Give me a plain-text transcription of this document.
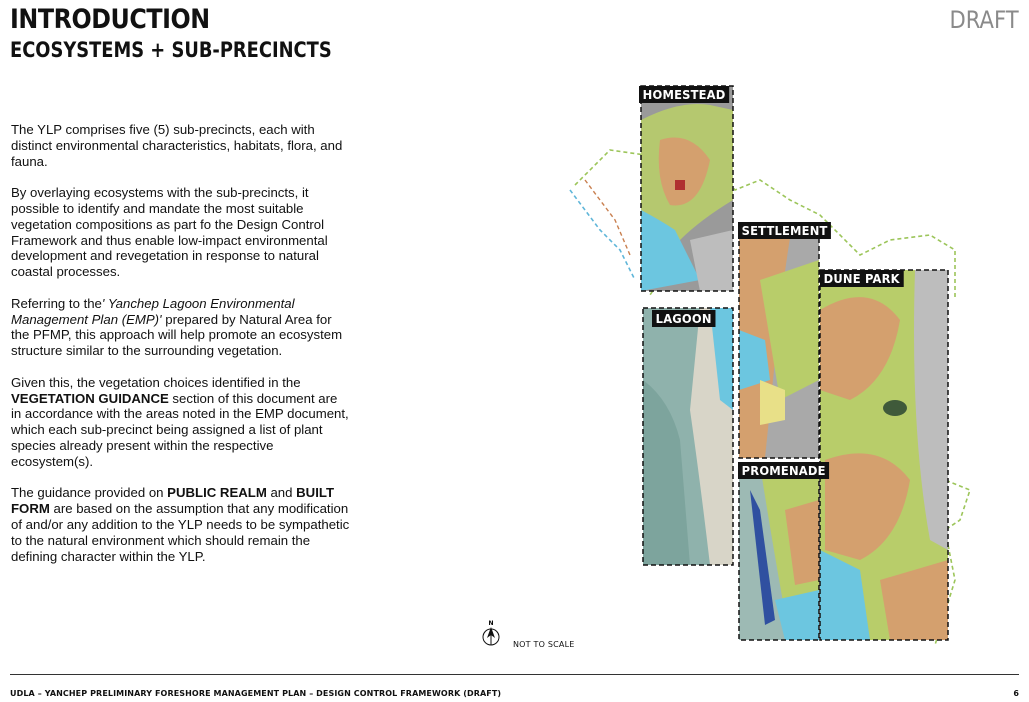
INTRODUCTION
ECOSYSTEMS + SUB-PRECINCTS
DRAFT

The YLP comprises five (5) sub-precincts, each with distinct environmental characteristics, habitats, flora, and fauna.

By overlaying ecosystems with the sub-precincts, it possible to identify and mandate the most suitable vegetation compositions as part fo the Design Control Framework and thus enable low-impact environmental development and revegetation in response to natural coastal processes.

Referring to the' Yanchep Lagoon Environmental Management Plan (EMP)' prepared by Natural Area for the PFMP, this approach will help promote an ecosystem structure similar to the surrounding vegetation.

Given this, the vegetation choices identified in the VEGETATION GUIDANCE section of this document are in accordance with the areas noted in the EMP document, which each sub-precinct being assigned a list of plant species already present within the respective ecosystem(s).

The guidance provided on PUBLIC REALM and BUILT FORM are based on the assumption that any modification of and/or any addition to the YLP needs to be sympathetic to the natural environment which should remain the defining character within the YLP.

HOMESTEAD
SETTLEMENT
DUNE PARK
LAGOON
PROMENADE
N
NOT TO SCALE
UDLA – YANCHEP PRELIMINARY FORESHORE MANAGEMENT PLAN – DESIGN CONTROL FRAMEWORK (DRAFT)	6
